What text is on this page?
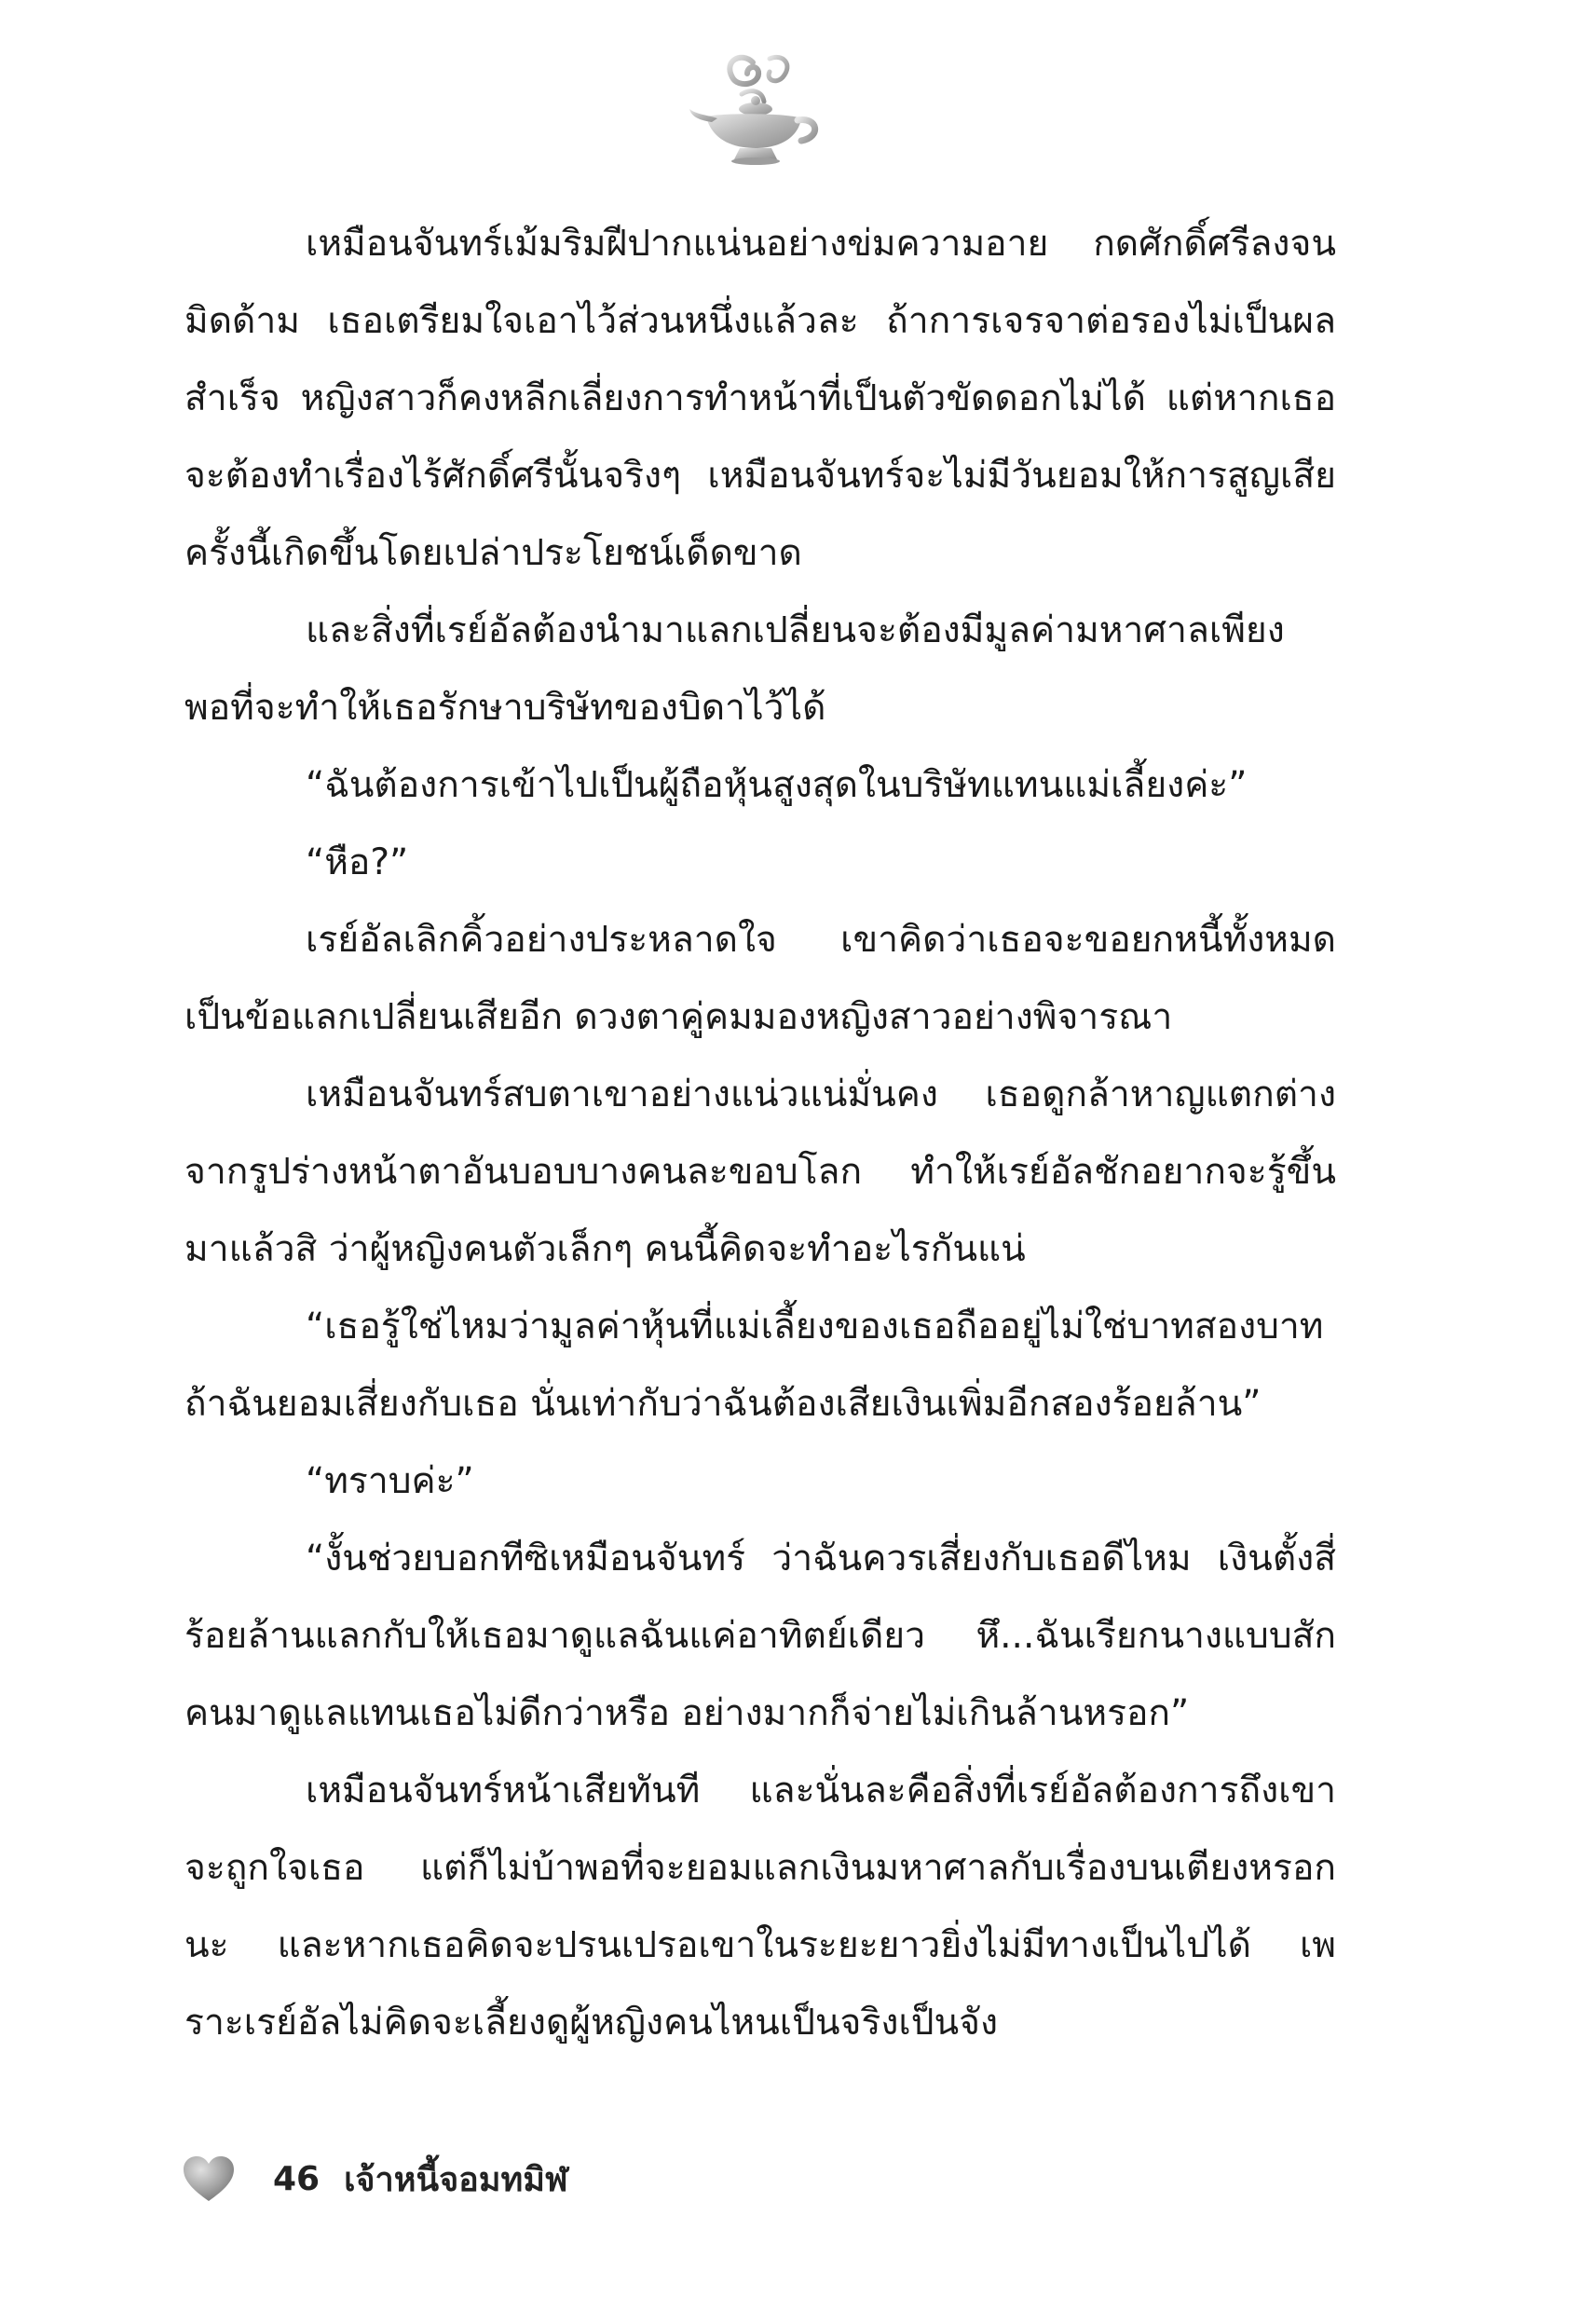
เหมือนจันทร์เม้มริมฝีปากแน่นอย่างข่มความอาย กดศักดิ์ศรีลงจนมิดด้าม เธอเตรียมใจเอาไว้ส่วนหนึ่งแล้วละ ถ้าการเจรจาต่อรองไม่เป็นผลสำเร็จ หญิงสาวก็คงหลีกเลี่ยงการทำหน้าที่เป็นตัวขัดดอกไม่ได้ แต่หากเธอจะต้องทำเรื่องไร้ศักดิ์ศรีนั้นจริงๆ เหมือนจันทร์จะไม่มีวันยอมให้การสูญเสียครั้งนี้เกิดขึ้นโดยเปล่าประโยชน์เด็ดขาด

และสิ่งที่เรย์อัลต้องนำมาแลกเปลี่ยนจะต้องมีมูลค่ามหาศาลเพียงพอที่จะทำให้เธอรักษาบริษัทของบิดาไว้ได้

“ฉันต้องการเข้าไปเป็นผู้ถือหุ้นสูงสุดในบริษัทแทนแม่เลี้ยงค่ะ”

“หือ?”

เรย์อัลเลิกคิ้วอย่างประหลาดใจ เขาคิดว่าเธอจะขอยกหนี้ทั้งหมดเป็นข้อแลกเปลี่ยนเสียอีก ดวงตาคู่คมมองหญิงสาวอย่างพิจารณา

เหมือนจันทร์สบตาเขาอย่างแน่วแน่มั่นคง เธอดูกล้าหาญแตกต่างจากรูปร่างหน้าตาอันบอบบางคนละขอบโลก ทำให้เรย์อัลชักอยากจะรู้ขึ้นมาแล้วสิ ว่าผู้หญิงคนตัวเล็กๆ คนนี้คิดจะทำอะไรกันแน่

“เธอรู้ใช่ไหมว่ามูลค่าหุ้นที่แม่เลี้ยงของเธอถืออยู่ไม่ใช่บาทสองบาท ถ้าฉันยอมเสี่ยงกับเธอ นั่นเท่ากับว่าฉันต้องเสียเงินเพิ่มอีกสองร้อยล้าน”

“ทราบค่ะ”

“งั้นช่วยบอกทีซิเหมือนจันทร์ ว่าฉันควรเสี่ยงกับเธอดีไหม เงินตั้งสี่ร้อยล้านแลกกับให้เธอมาดูแลฉันแค่อาทิตย์เดียว หึ...ฉันเรียกนางแบบสักคนมาดูแลแทนเธอไม่ดีกว่าหรือ อย่างมากก็จ่ายไม่เกินล้านหรอก”

เหมือนจันทร์หน้าเสียทันที และนั่นละคือสิ่งที่เรย์อัลต้องการถึงเขาจะถูกใจเธอ แต่ก็ไม่บ้าพอที่จะยอมแลกเงินมหาศาลกับเรื่องบนเตียงหรอกนะ และหากเธอคิดจะปรนเปรอเขาในระยะยาวยิ่งไม่มีทางเป็นไปได้ เพราะเรย์อัลไม่คิดจะเลี้ยงดูผู้หญิงคนไหนเป็นจริงเป็นจัง

46 เจ้าหนี้จอมทมิฬ
